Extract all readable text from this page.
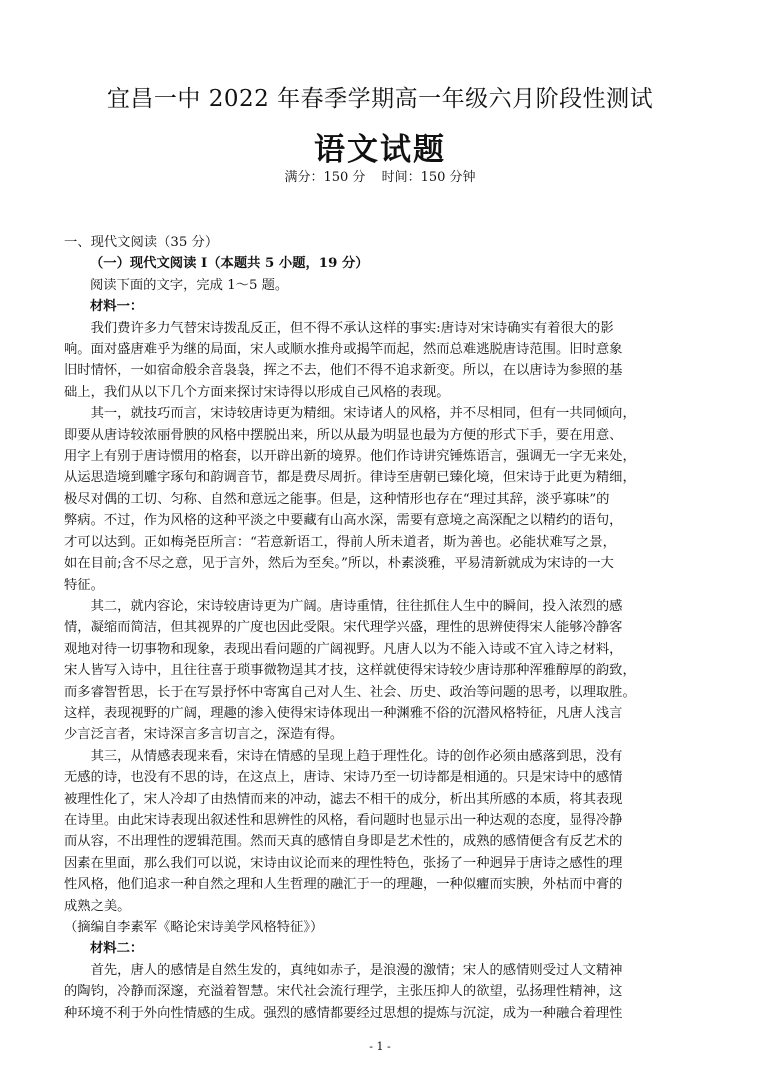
宜昌一中 2022 年春季学期高一年级六月阶段性测试
语文试题
满分：150 分 时间：150 分钟

一、现代文阅读（35 分）

（一）现代文阅读 I（本题共 5 小题，19 分）

阅读下面的文字，完成 1～5 题。

材料一：

我们费许多力气替宋诗拨乱反正，但不得不承认这样的事实:唐诗对宋诗确实有着很大的影
响。面对盛唐难乎为继的局面，宋人或顺水推舟或揭竿而起，然而总难逃脱唐诗范围。旧时意象
旧时情怀，一如宿命般余音袅袅，挥之不去，他们不得不追求新变。所以，在以唐诗为参照的基
础上，我们从以下几个方面来探讨宋诗得以形成自己风格的表现。

其一，就技巧而言，宋诗较唐诗更为精细。宋诗诸人的风格，并不尽相同，但有一共同倾向，
即要从唐诗较浓丽骨腴的风格中摆脱出来，所以从最为明显也最为方便的形式下手，要在用意、
用字上有别于唐诗惯用的格套，以开辟出新的境界。他们作诗讲究锤炼语言，强调无一字无来处，
从运思造境到雕字琢句和韵调音节，都是费尽周折。律诗至唐朝已臻化境，但宋诗于此更为精细，
极尽对偶的工切、匀称、自然和意远之能事。但是，这种情形也存在“理过其辞，淡乎寡味”的
弊病。不过，作为风格的这种平淡之中要藏有山高水深，需要有意境之高深配之以精约的语句，
才可以达到。正如梅尧臣所言：“若意新语工，得前人所未道者，斯为善也。必能状难写之景，
如在目前;含不尽之意，见于言外，然后为至矣。”所以，朴素淡雅，平易清新就成为宋诗的一大
特征。

其二，就内容论，宋诗较唐诗更为广阔。唐诗重情，往往抓住人生中的瞬间，投入浓烈的感
情，凝缩而简洁，但其视界的广度也因此受限。宋代理学兴盛，理性的思辨使得宋人能够冷静客
观地对待一切事物和现象，表现出看问题的广阔视野。凡唐人以为不能入诗或不宜入诗之材料，
宋人皆写入诗中，且往往喜于琐事微物逞其才技，这样就使得宋诗较少唐诗那种浑雅醇厚的韵致，
而多睿智哲思，长于在写景抒怀中寄寓自己对人生、社会、历史、政治等问题的思考，以理取胜。
这样，表现视野的广阔，理趣的渗入使得宋诗体现出一种渊雅不俗的沉潜风格特征，凡唐人浅言
少言泛言者，宋诗深言多言切言之，深造有得。

其三，从情感表现来看，宋诗在情感的呈现上趋于理性化。诗的创作必须由感落到思，没有
无感的诗，也没有不思的诗，在这点上，唐诗、宋诗乃至一切诗都是相通的。只是宋诗中的感情
被理性化了，宋人冷却了由热情而来的冲动，滤去不相干的成分，析出其所感的本质，将其表现
在诗里。由此宋诗表现出叙述性和思辨性的风格，看问题时也显示出一种达观的态度，显得冷静
而从容，不出理性的逻辑范围。然而天真的感情自身即是艺术性的，成熟的感情便含有反艺术的
因素在里面，那么我们可以说，宋诗由议论而来的理性特色，张扬了一种迥异于唐诗之感性的理
性风格，他们追求一种自然之理和人生哲理的融汇于一的理趣，一种似癯而实腴，外枯而中膏的
成熟之美。

（摘编自李素军《略论宋诗美学风格特征》）

材料二：

首先，唐人的感情是自然生发的，真纯如赤子，是浪漫的激情；宋人的感情则受过人文精神
的陶钧，冷静而深邃，充溢着智慧。宋代社会流行理学，主张压抑人的欲望，弘扬理性精神，这
种环境不利于外向性情感的生成。强烈的感情都要经过思想的提炼与沉淀，成为一种融合着理性

- 1 -
